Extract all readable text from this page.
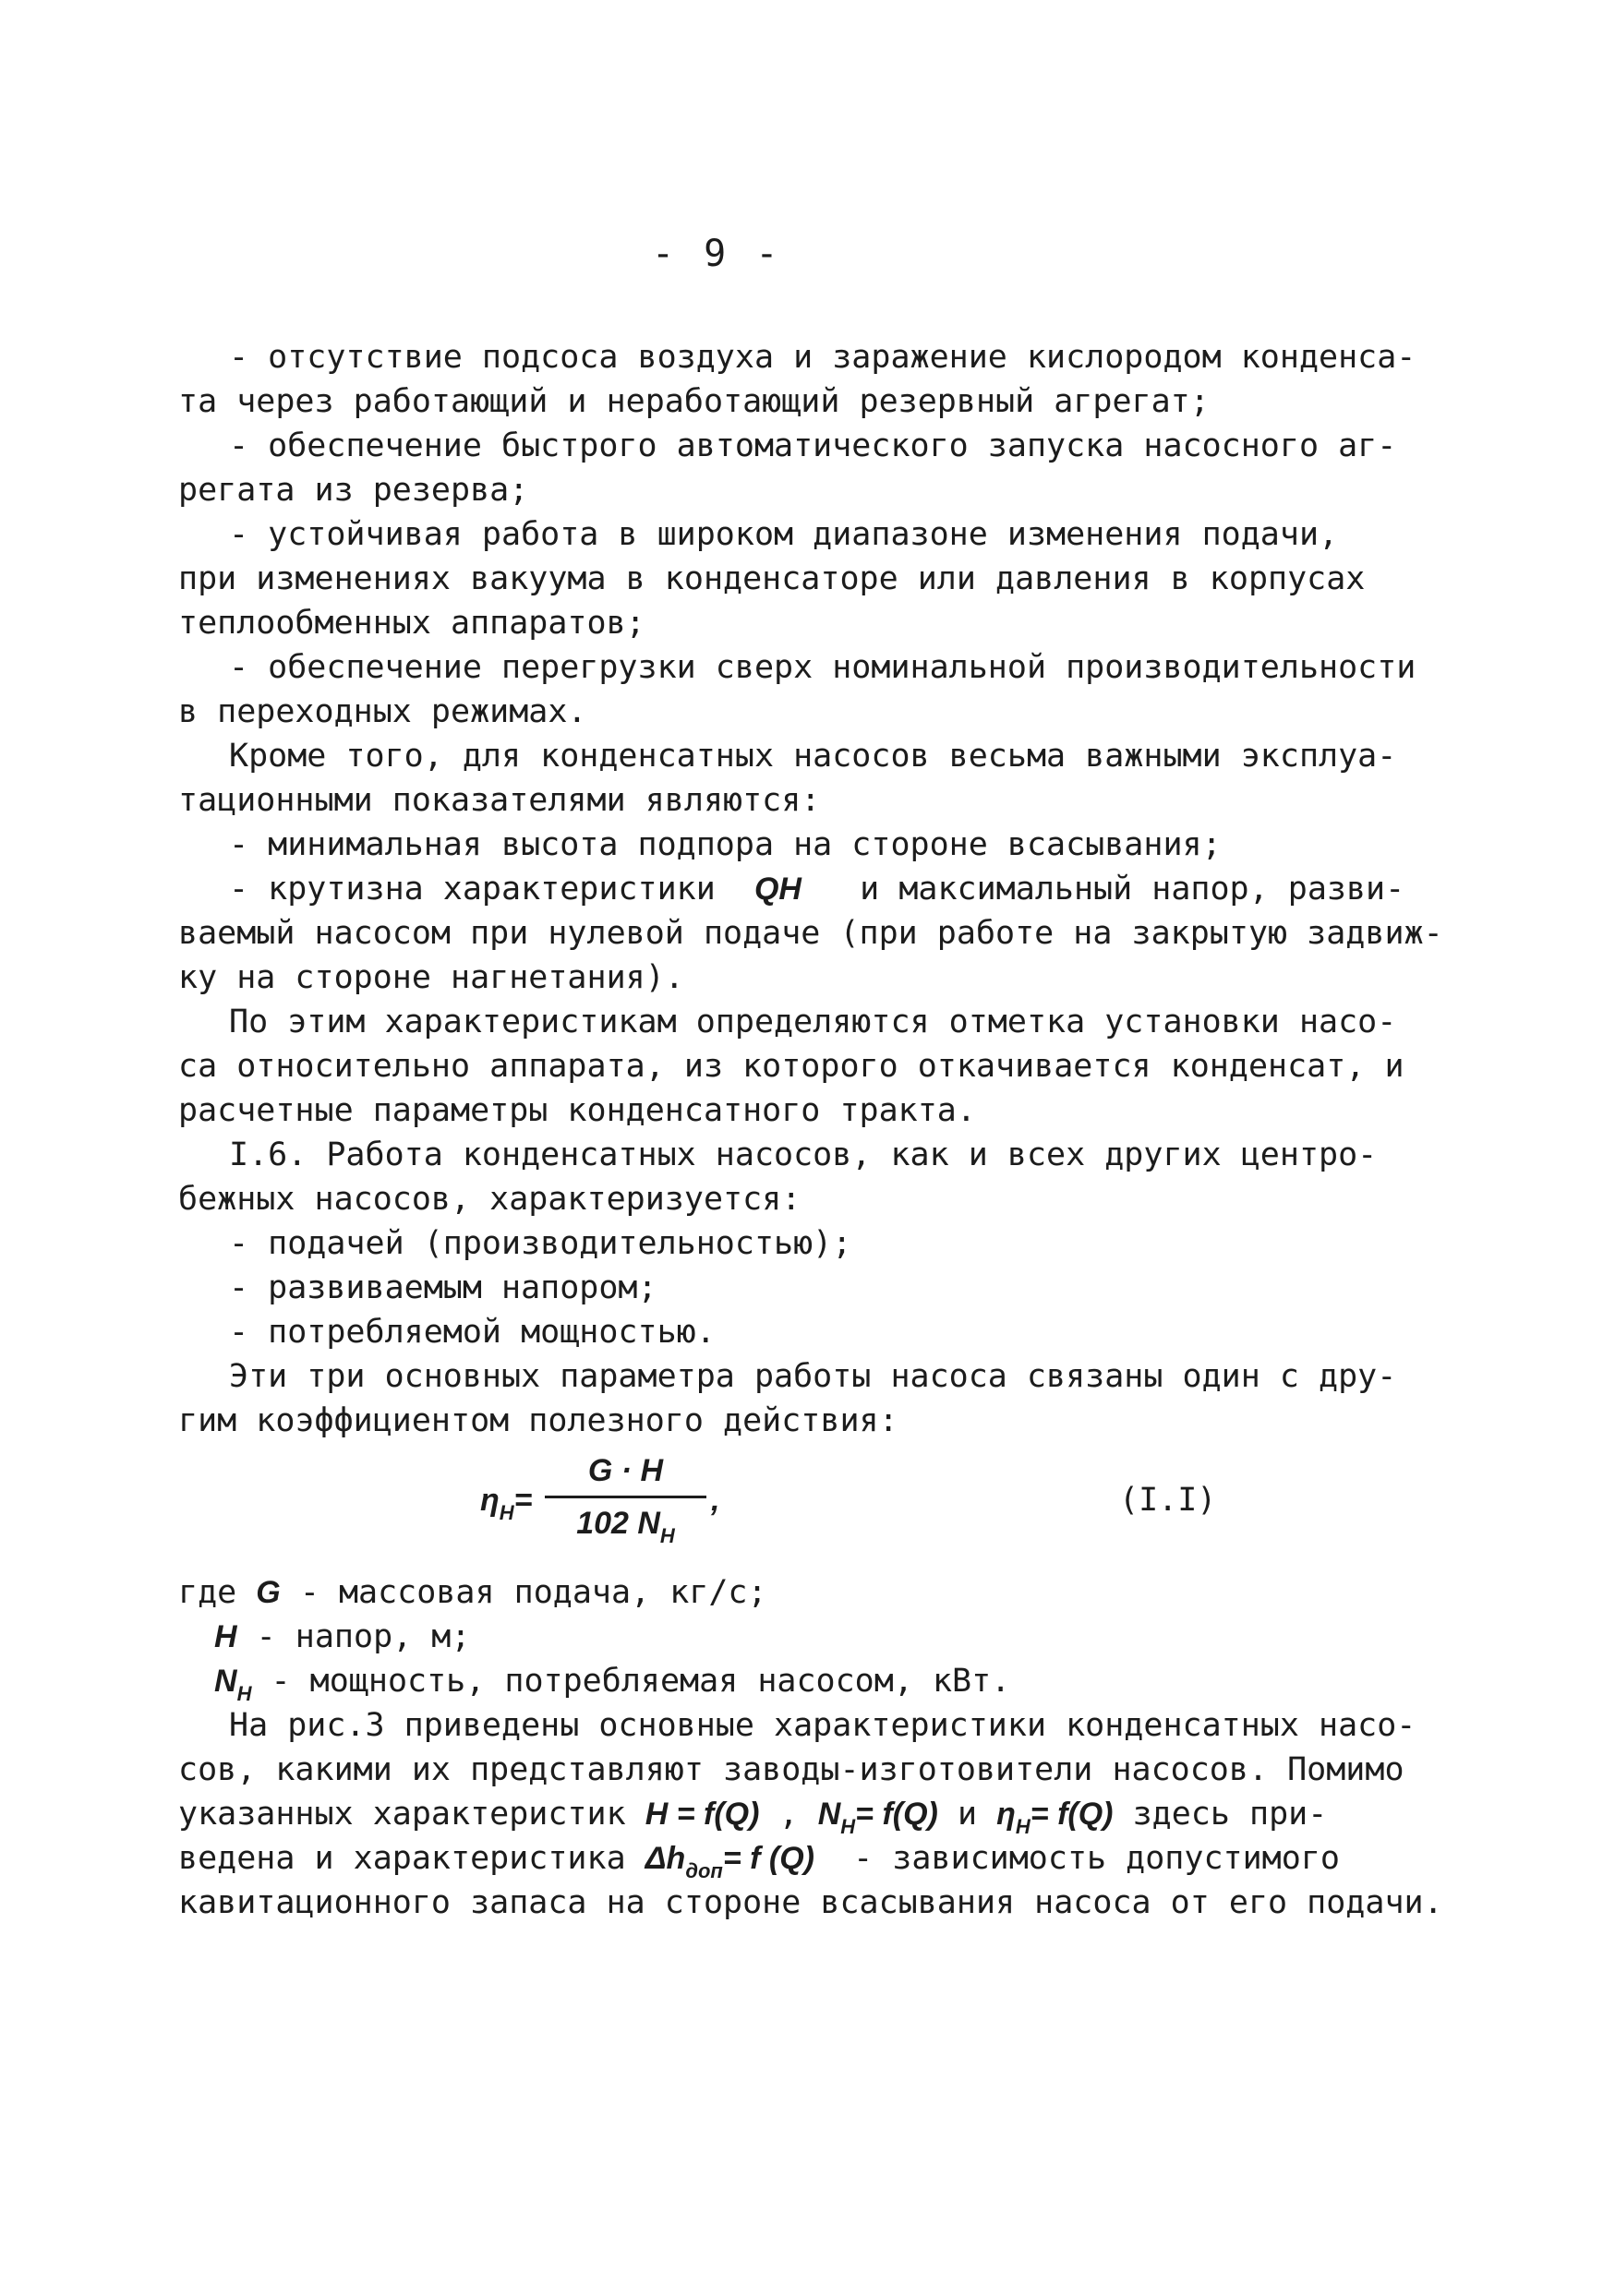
- 9 -
- отсутствие подсоса воздуха и заражение кислородом конденса-
та через работающий и неработающий резервный агрегат;
- обеспечение быстрого автоматического запуска насосного аг-
регата из резерва;
- устойчивая работа в широком диапазоне изменения подачи,
при изменениях вакуума в конденсаторе или давления в корпусах
теплообменных аппаратов;
- обеспечение перегрузки сверх номинальной производительности
в переходных режимах.
Кроме того, для конденсатных насосов весьма важными эксплуа-
тационными показателями являются:
- минимальная высота подпора на стороне всасывания;
- крутизна характеристики QH и максимальный напор, разви-
ваемый насосом при нулевой подаче (при работе на закрытую задвиж-
ку на стороне нагнетания).
По этим характеристикам определяются отметка установки насо-
са относительно аппарата, из которого откачивается конденсат, и
расчетные параметры конденсатного тракта.
I.6. Работа конденсатных насосов, как и всех других центро-
бежных насосов, характеризуется:
- подачей (производительностью);
- развиваемым напором;
- потребляемой мощностью.
Эти три основных параметра работы насоса связаны один с дру-
гим коэффициентом полезного действия:
$\eta_H=$
G · H
102 $N_H$
,	(I.I)
где G - массовая подача, кг/с;
H - напор, м;
$N_H$ - мощность, потребляемая насосом, кВт.
На рис.3 приведены основные характеристики конденсатных насо-
сов, какими их представляют заводы-изготовители насосов. Помимо
указанных характеристик H = f(Q) , $N_H= f(Q)$ и $\eta_H= f(Q)$ здесь при-
ведена и характеристика $\Delta h_{доп}= f$ (Q) - зависимость допустимого
кавитационного запаса на стороне всасывания насоса от его подачи.
